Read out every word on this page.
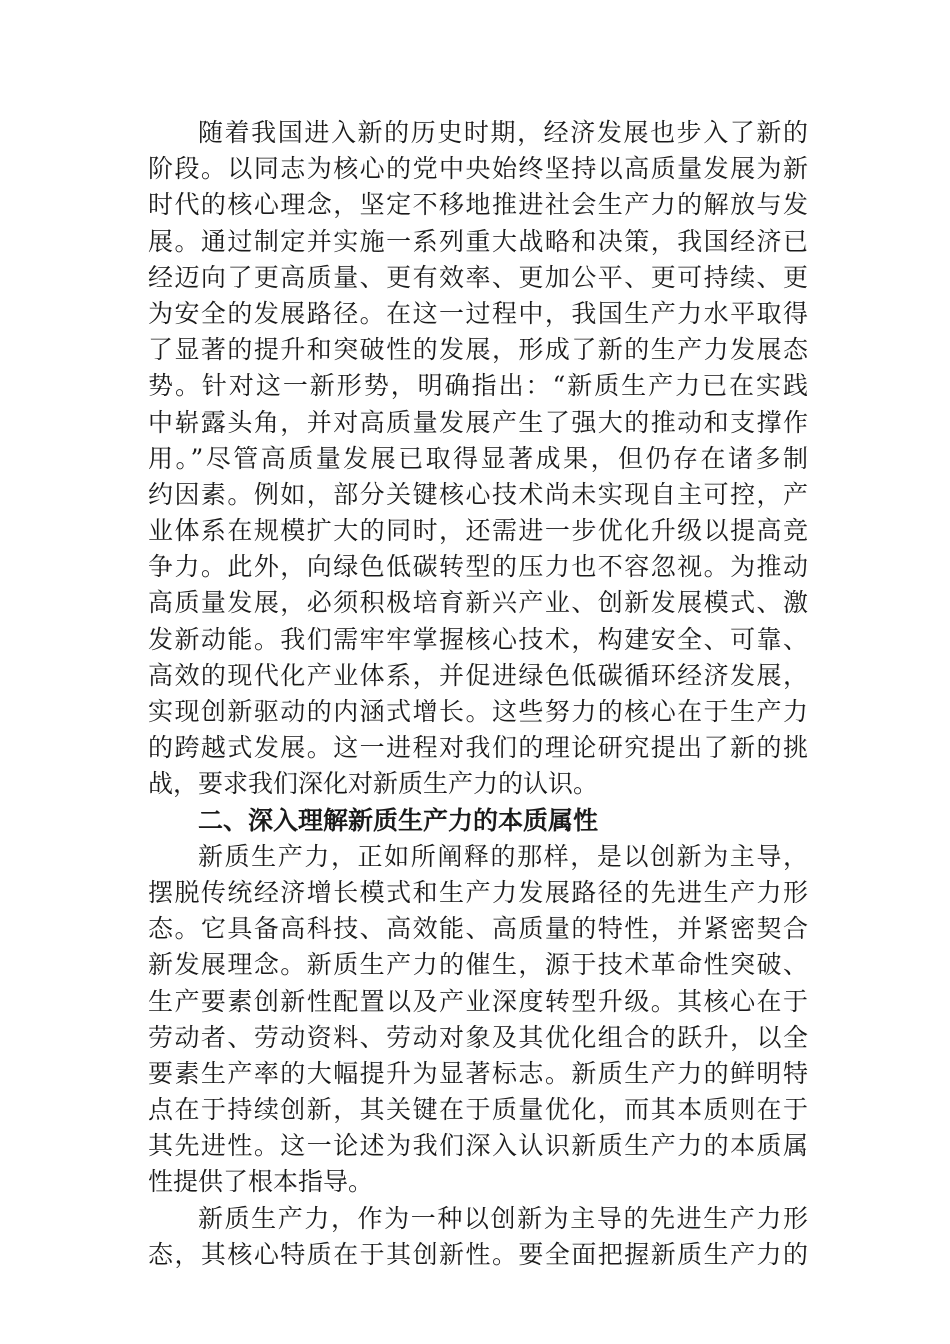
随着我国进入新的历史时期，经济发展也步入了新的
阶段。以同志为核心的党中央始终坚持以高质量发展为新
时代的核心理念，坚定不移地推进社会生产力的解放与发
展。通过制定并实施一系列重大战略和决策，我国经济已
经迈向了更高质量、更有效率、更加公平、更可持续、更
为安全的发展路径。在这一过程中，我国生产力水平取得
了显著的提升和突破性的发展，形成了新的生产力发展态
势。针对这一新形势，明确指出：“新质生产力已在实践
中崭露头角，并对高质量发展产生了强大的推动和支撑作
用。”尽管高质量发展已取得显著成果，但仍存在诸多制
约因素。例如，部分关键核心技术尚未实现自主可控，产
业体系在规模扩大的同时，还需进一步优化升级以提高竞
争力。此外，向绿色低碳转型的压力也不容忽视。为推动
高质量发展，必须积极培育新兴产业、创新发展模式、激
发新动能。我们需牢牢掌握核心技术，构建安全、可靠、
高效的现代化产业体系，并促进绿色低碳循环经济发展，
实现创新驱动的内涵式增长。这些努力的核心在于生产力
的跨越式发展。这一进程对我们的理论研究提出了新的挑
战，要求我们深化对新质生产力的认识。
二、深入理解新质生产力的本质属性
新质生产力，正如所阐释的那样，是以创新为主导，
摆脱传统经济增长模式和生产力发展路径的先进生产力形
态。它具备高科技、高效能、高质量的特性，并紧密契合
新发展理念。新质生产力的催生，源于技术革命性突破、
生产要素创新性配置以及产业深度转型升级。其核心在于
劳动者、劳动资料、劳动对象及其优化组合的跃升，以全
要素生产率的大幅提升为显著标志。新质生产力的鲜明特
点在于持续创新，其关键在于质量优化，而其本质则在于
其先进性。这一论述为我们深入认识新质生产力的本质属
性提供了根本指导。
新质生产力，作为一种以创新为主导的先进生产力形
态，其核心特质在于其创新性。要全面把握新质生产力的
